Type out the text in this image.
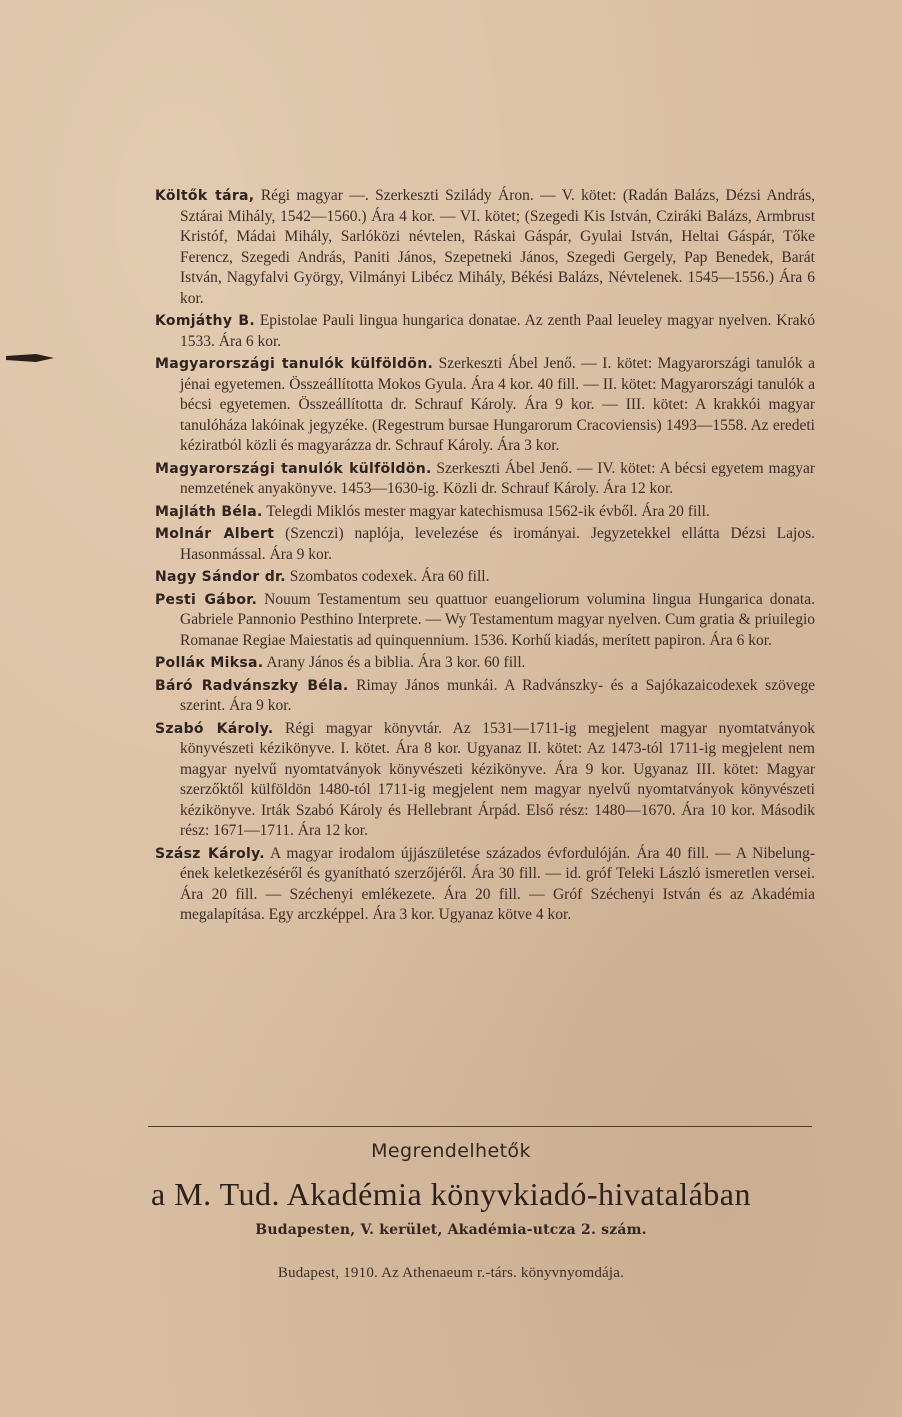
Költők tára, Régi magyar —. Szerkeszti Szilády Áron. — V. kötet: (Radán Balázs, Dézsi András, Sztárai Mihály, 1542—1560.) Ára 4 kor. — VI. kötet; (Szegedi Kis István, Cziráki Balázs, Armbrust Kristóf, Mádai Mihály, Sarlóközi névtelen, Ráskai Gáspár, Gyulai István, Heltai Gáspár, Tőke Ferencz, Szegedi András, Paniti János, Szepetneki János, Szegedi Gergely, Pap Benedek, Barát István, Nagyfalvi György, Vilmányi Libécz Mihály, Békési Balázs, Névtelenek. 1545—1556.) Ára 6 kor.

Komjáthy B. Epistolae Pauli lingua hungarica donatae. Az zenth Paal leueley magyar nyelven. Krakó 1533. Ára 6 kor.

Magyarországi tanulók külföldön. Szerkeszti Ábel Jenő. — I. kötet: Magyarországi tanulók a jénai egyetemen. Összeállította Mokos Gyula. Ára 4 kor. 40 fill. — II. kötet: Magyarországi tanulók a bécsi egyetemen. Összeállította dr. Schrauf Károly. Ára 9 kor. — III. kötet: A krakkói magyar tanulóháza lakóinak jegyzéke. (Regestrum bursae Hungarorum Cracoviensis) 1493—1558. Az eredeti kéziratból közli és magyarázza dr. Schrauf Károly. Ára 3 kor.

Magyarországi tanulók külföldön. Szerkeszti Ábel Jenő. — IV. kötet: A bécsi egyetem magyar nemzetének anyakönyve. 1453—1630-ig. Közli dr. Schrauf Károly. Ára 12 kor.

Majláth Béla. Telegdi Miklós mester magyar katechismusa 1562-ik évből. Ára 20 fill.

Molnár Albert (Szenczi) naplója, levelezése és irományai. Jegyzetekkel ellátta Dézsi Lajos. Hasonmással. Ára 9 kor.

Nagy Sándor dr. Szombatos codexek. Ára 60 fill.

Pesti Gábor. Nouum Testamentum seu quattuor euangeliorum volumina lingua Hungarica donata. Gabriele Pannonio Pesthino Interprete. — Wy Testamentum magyar nyelven. Cum gratia & priuilegio Romanae Regiae Maiestatis ad quinquennium. 1536. Korhű kiadás, merített papiron. Ára 6 kor.

Polláк Miksa. Arany János és a biblia. Ára 3 kor. 60 fill.

Báró Radvánszky Béla. Rimay János munkái. A Radvánszky- és a Sajókazaicodexek szövege szerint. Ára 9 kor.

Szabó Károly. Régi magyar könyvtár. Az 1531—1711-ig megjelent magyar nyomtatványok könyvészeti kézikönyve. I. kötet. Ára 8 kor. Ugyanaz II. kötet: Az 1473-tól 1711-ig megjelent nem magyar nyelvű nyomtatványok könyvészeti kézikönyve. Ára 9 kor. Ugyanaz III. kötet: Magyar szerzőktől külföldön 1480-tól 1711-ig megjelent nem magyar nyelvű nyomtatványok könyvészeti kézikönyve. Irták Szabó Károly és Hellebrant Árpád. Első rész: 1480—1670. Ára 10 kor. Második rész: 1671—1711. Ára 12 kor.

Szász Károly. A magyar irodalom újjászületése százados évfordulóján. Ára 40 fill. — A Nibelung-ének keletkezéséről és gyanítható szerzőjéről. Ára 30 fill. — id. gróf Teleki László ismeretlen versei. Ára 20 fill. — Széchenyi emlékezete. Ára 20 fill. — Gróf Széchenyi István és az Akadémia megalapítása. Egy arczképpel. Ára 3 kor. Ugyanaz kötve 4 kor.

Megrendelhetők
a M. Tud. Akadémia könyvkiadó-hivatalában
Budapesten, V. kerület, Akadémia-utcza 2. szám.
Budapest, 1910. Az Athenaeum r.-társ. könyvnyomdája.
